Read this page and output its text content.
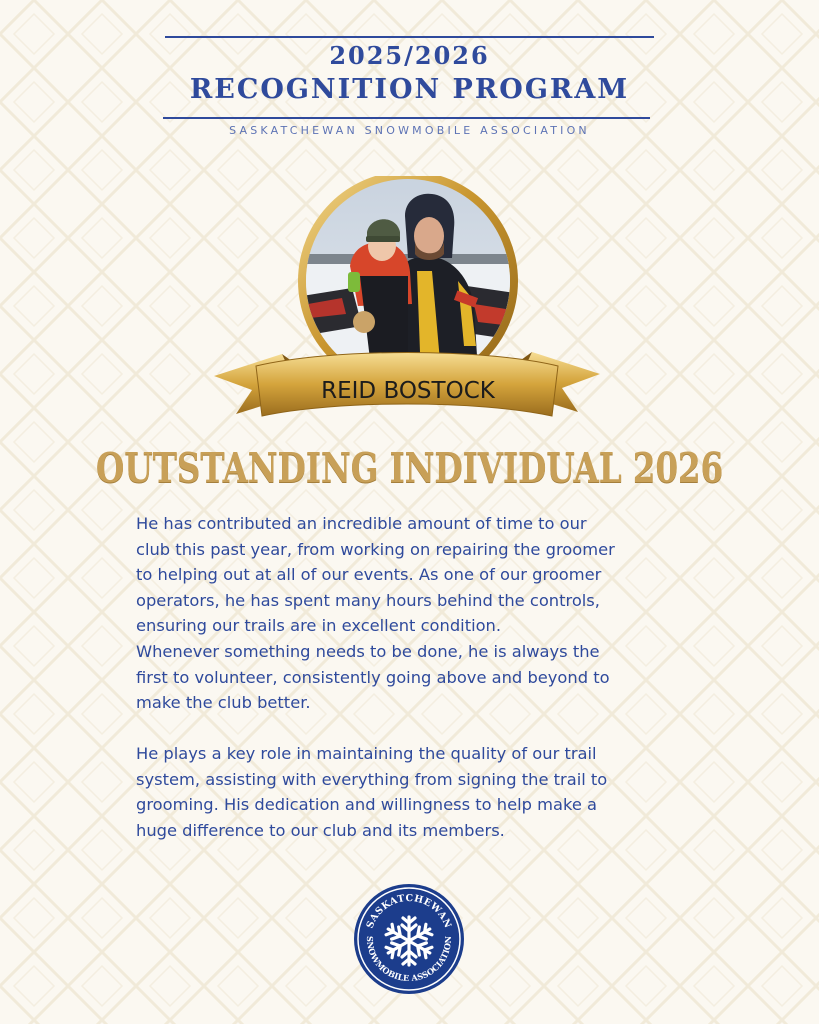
2025/2026
RECOGNITION PROGRAM
SASKATCHEWAN SNOWMOBILE ASSOCIATION
REID BOSTOCK
OUTSTANDING INDIVIDUAL 2026
He has contributed an incredible amount of time to our
club this past year, from working on repairing the groomer
to helping out at all of our events. As one of our groomer
operators, he has spent many hours behind the controls,
ensuring our trails are in excellent condition.
Whenever something needs to be done, he is always the
first to volunteer, consistently going above and beyond to
make the club better.
He plays a key role in maintaining the quality of our trail
system, assisting with everything from signing the trail to
grooming. His dedication and willingness to help make a
huge difference to our club and its members.
SASKATCHEWAN
SNOWMOBILE ASSOCIATION
